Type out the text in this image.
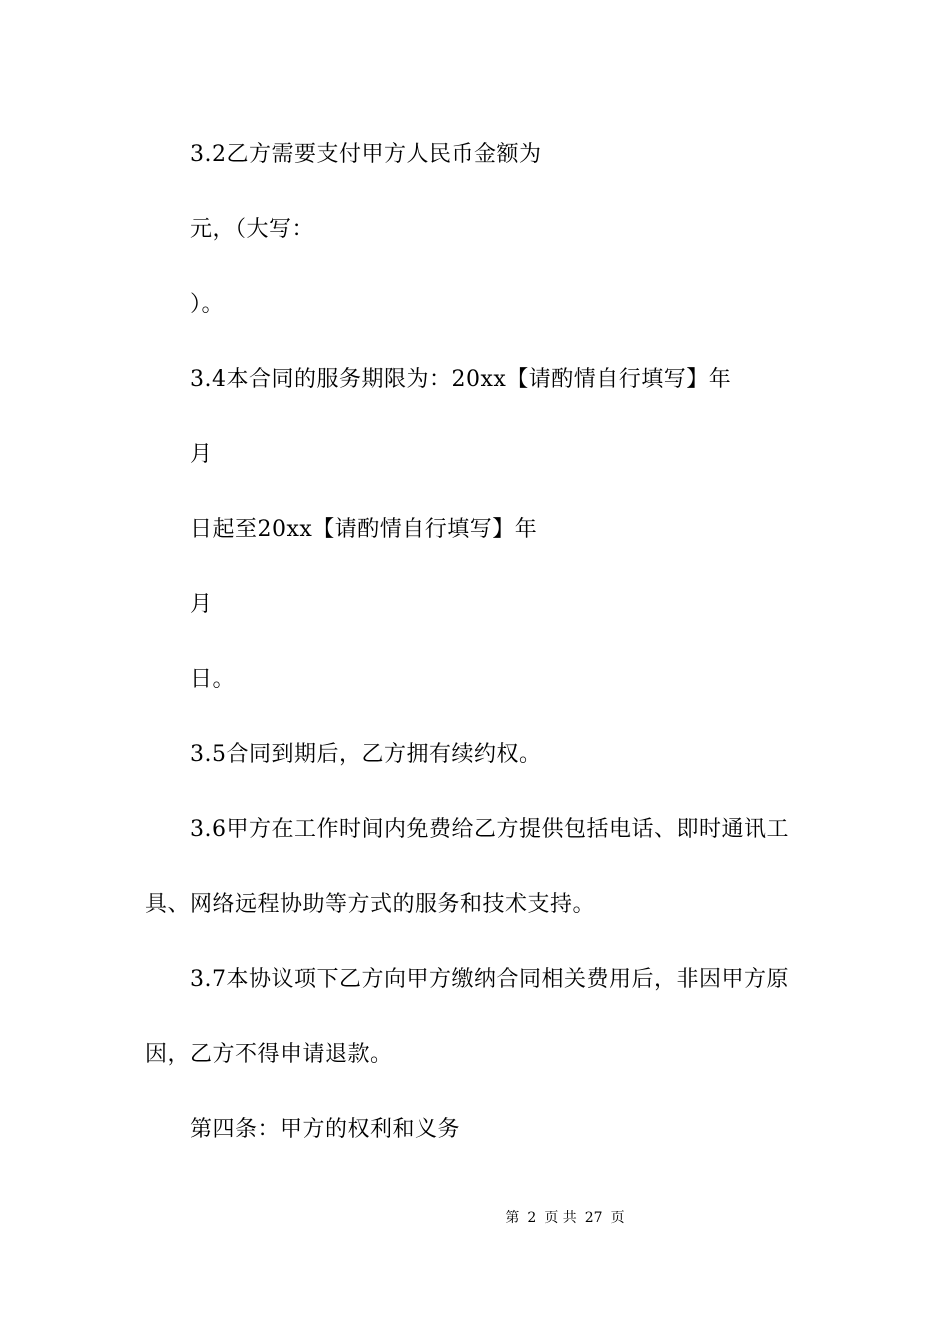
3.2乙方需要支付甲方人民币金额为
元，（大写：
）。
3.4本合同的服务期限为：20xx【请酌情自行填写】年
月
日起至20xx【请酌情自行填写】年
月
日。
3.5合同到期后，乙方拥有续约权。
3.6甲方在工作时间内免费给乙方提供包括电话、即时通讯工
具、网络远程协助等方式的服务和技术支持。
3.7本协议项下乙方向甲方缴纳合同相关费用后，非因甲方原
因，乙方不得申请退款。
第四条：甲方的权利和义务
第 2 页 共 27 页
